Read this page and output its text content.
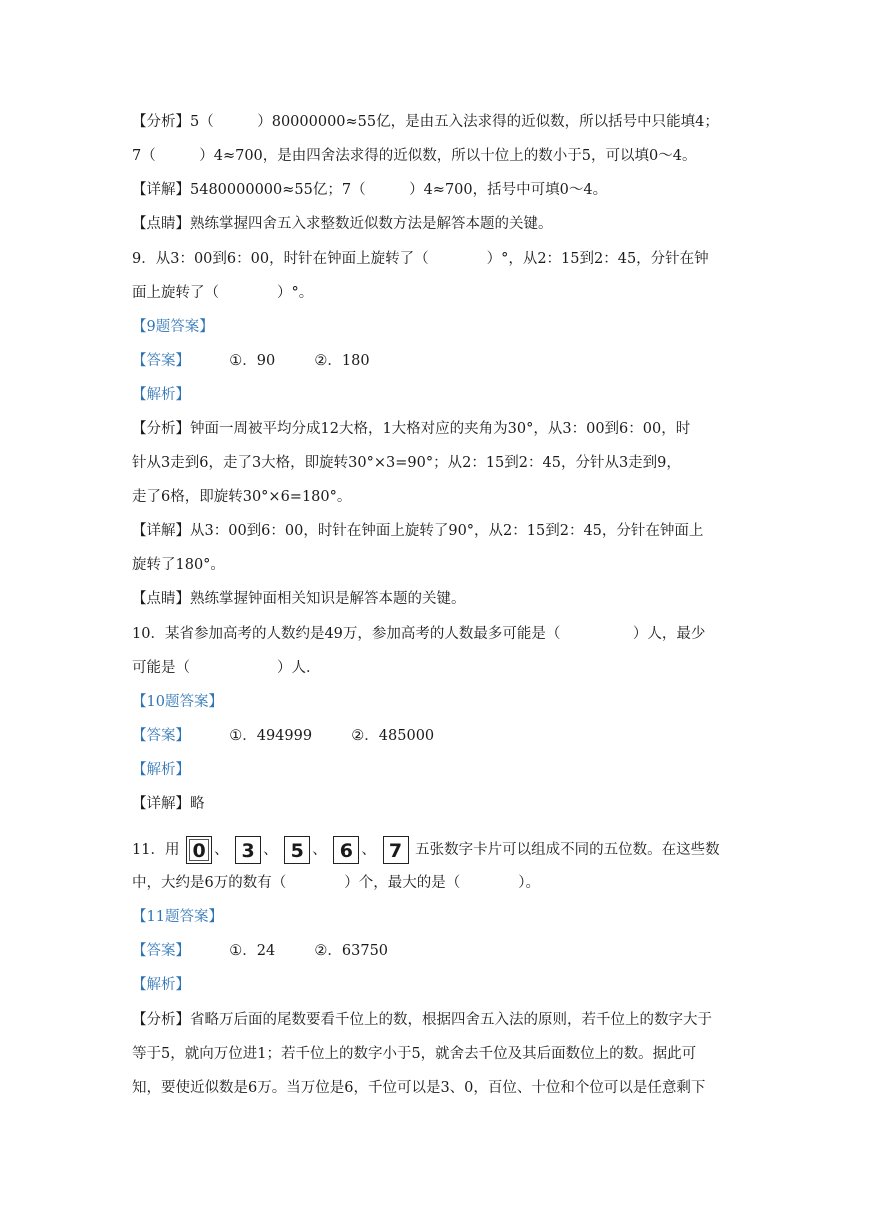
【分析】5（　　　）80000000≈55亿，是由五入法求得的近似数，所以括号中只能填4；
7（　　　）4≈700，是由四舍法求得的近似数，所以十位上的数小于5，可以填0～4。
【详解】5480000000≈55亿；7（　　　）4≈700，括号中可填0～4。
【点睛】熟练掌握四舍五入求整数近似数方法是解答本题的关键。
9．从3：00到6：00，时针在钟面上旋转了（　　　　）°，从2：15到2：45，分针在钟
面上旋转了（　　　　）°。
【9题答案】
【答案】	①．90	②．180
【解析】
【分析】钟面一周被平均分成12大格，1大格对应的夹角为30°，从3：00到6：00，时
针从3走到6，走了3大格，即旋转30°×3=90°；从2：15到2：45，分针从3走到9，
走了6格，即旋转30°×6=180°。
【详解】从3：00到6：00，时针在钟面上旋转了90°，从2：15到2：45，分针在钟面上
旋转了180°。
【点睛】熟练掌握钟面相关知识是解答本题的关键。
10．某省参加高考的人数约是49万，参加高考的人数最多可能是（　　　　　）人，最少
可能是（　　　　　　）人．
【10题答案】
【答案】	①．494999	②．485000
【解析】
【详解】略
11．用 0 、 3 、 5 、 6 、 7 五张数字卡片可以组成不同的五位数。在这些数
中，大约是6万的数有（　　　　）个，最大的是（　　　　）。
【11题答案】
【答案】	①．24	②．63750
【解析】
【分析】省略万后面的尾数要看千位上的数，根据四舍五入法的原则，若千位上的数字大于
等于5，就向万位进1；若千位上的数字小于5，就舍去千位及其后面数位上的数。据此可
知，要使近似数是6万。当万位是6，千位可以是3、0，百位、十位和个位可以是任意剩下
